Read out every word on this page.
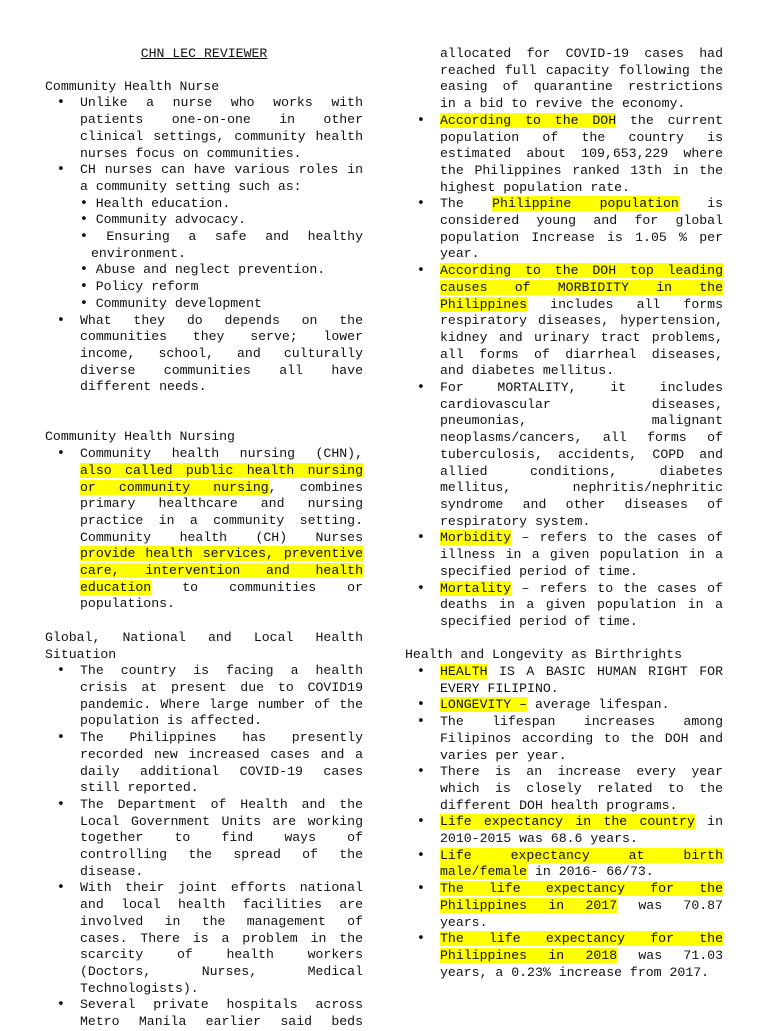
CHN LEC REVIEWER
Community Health Nurse
• Unlike a nurse who works with patients one-on-one in other clinical settings, community health nurses focus on communities.
• CH nurses can have various roles in a community setting such as:
• Health education.
• Community advocacy.
• Ensuring a safe and healthy environment.
• Abuse and neglect prevention.
• Policy reform
• Community development
• What they do depends on the communities they serve; lower income, school, and culturally diverse communities all have different needs.
Community Health Nursing
• Community health nursing (CHN), also called public health nursing or community nursing, combines primary healthcare and nursing practice in a community setting. Community health (CH) Nurses provide health services, preventive care, intervention and health education to communities or populations.
Global, National and Local Health Situation
• The country is facing a health crisis at present due to COVID19 pandemic. Where large number of the population is affected.
• The Philippines has presently recorded new increased cases and a daily additional COVID-19 cases still reported.
• The Department of Health and the Local Government Units are working together to find ways of controlling the spread of the disease.
• With their joint efforts national and local health facilities are involved in the management of cases. There is a problem in the scarcity of health workers (Doctors, Nurses, Medical Technologists).
• Several private hospitals across Metro Manila earlier said beds
allocated for COVID-19 cases had reached full capacity following the easing of quarantine restrictions in a bid to revive the economy.
• According to the DOH the current population of the country is estimated about 109,653,229 where the Philippines ranked 13th in the highest population rate.
• The Philippine population is considered young and for global population Increase is 1.05 % per year.
• According to the DOH top leading causes of MORBIDITY in the Philippines includes all forms respiratory diseases, hypertension, kidney and urinary tract problems, all forms of diarrheal diseases, and diabetes mellitus.
• For MORTALITY, it includes cardiovascular diseases, pneumonias, malignant neoplasms/cancers, all forms of tuberculosis, accidents, COPD and allied conditions, diabetes mellitus, nephritis/nephritic syndrome and other diseases of respiratory system.
• Morbidity – refers to the cases of illness in a given population in a specified period of time.
• Mortality – refers to the cases of deaths in a given population in a specified period of time.
Health and Longevity as Birthrights
• HEALTH IS A BASIC HUMAN RIGHT FOR EVERY FILIPINO.
• LONGEVITY – average lifespan.
• The lifespan increases among Filipinos according to the DOH and varies per year.
• There is an increase every year which is closely related to the different DOH health programs.
• Life expectancy in the country in 2010-2015 was 68.6 years.
• Life expectancy at birth male/female in 2016- 66/73.
• The life expectancy for the Philippines in 2017 was 70.87 years.
• The life expectancy for the Philippines in 2018 was 71.03 years, a 0.23% increase from 2017.
